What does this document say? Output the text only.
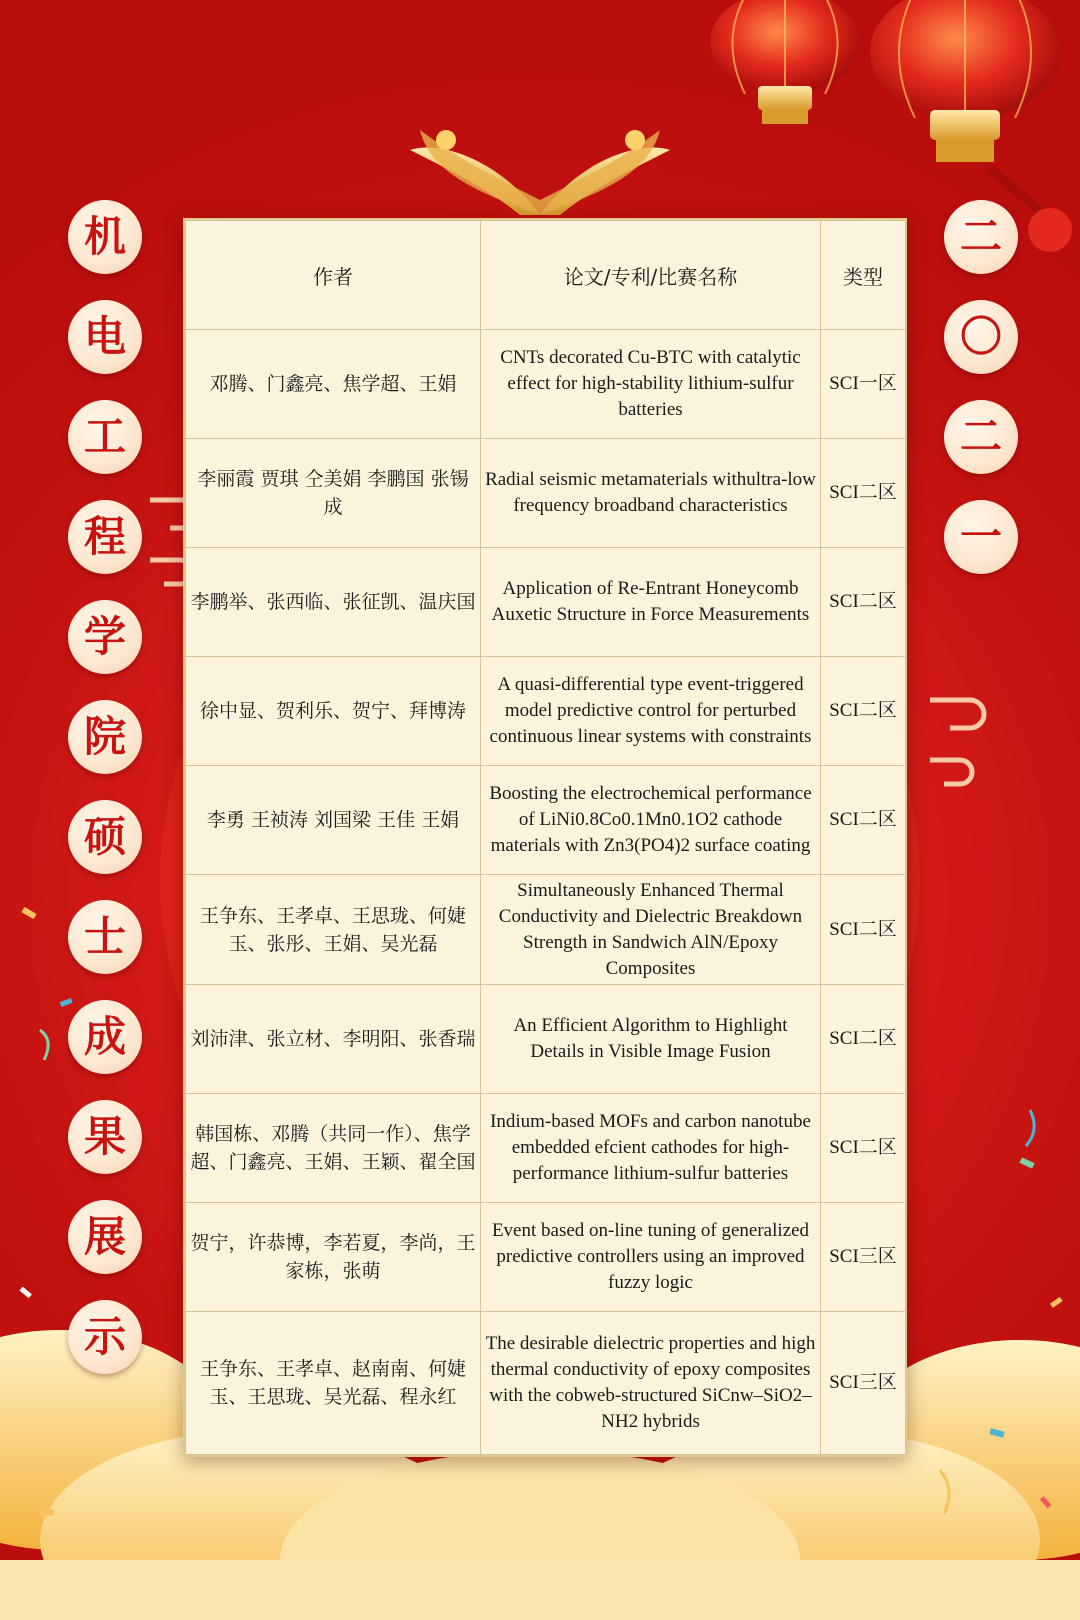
机
电
工
程
学
院
硕
士
成
果
展
示
二
〇
二
一
作者	论文/专利/比赛名称	类型

邓腾、门鑫亮、焦学超、王娟	CNTs decorated Cu-BTC with catalytic effect for high-stability lithium-sulfur batteries	SCI一区

李丽霞 贾琪 仝美娟 李鹏国 张锡成	Radial seismic metamaterials withultra-low frequency broadband characteristics	SCI二区

李鹏举、张西临、张征凯、温庆国	Application of Re-Entrant Honeycomb Auxetic Structure in Force Measurements	SCI二区

徐中显、贺利乐、贺宁、拜博涛	A quasi-differential type event-triggered model predictive control for perturbed continuous linear systems with constraints	SCI二区

李勇 王祯涛 刘国梁 王佳 王娟	Boosting the electrochemical performance of LiNi0.8Co0.1Mn0.1O2 cathode materials with Zn3(PO4)2 surface coating	SCI二区

王争东、王孝卓、王思珑、何婕玉、张彤、王娟、吴光磊	Simultaneously Enhanced Thermal Conductivity and Dielectric Breakdown Strength in Sandwich AlN/Epoxy Composites	SCI二区

刘沛津、张立材、李明阳、张香瑞	An Efficient Algorithm to Highlight Details in Visible Image Fusion	SCI二区

韩国栋、邓腾（共同一作）、焦学超、门鑫亮、王娟、王颖、翟全国	Indium-based MOFs and carbon nanotube embedded efcient cathodes for high-performance lithium-sulfur batteries	SCI二区

贺宁，许恭博，李若夏，李尚，王家栋，张萌	Event based on-line tuning of generalized predictive controllers using an improved fuzzy logic	SCI三区

王争东、王孝卓、赵南南、何婕玉、王思珑、吴光磊、程永红	The desirable dielectric properties and high thermal conductivity of epoxy composites with the cobweb-structured SiCnw–SiO2–NH2 hybrids	SCI三区
